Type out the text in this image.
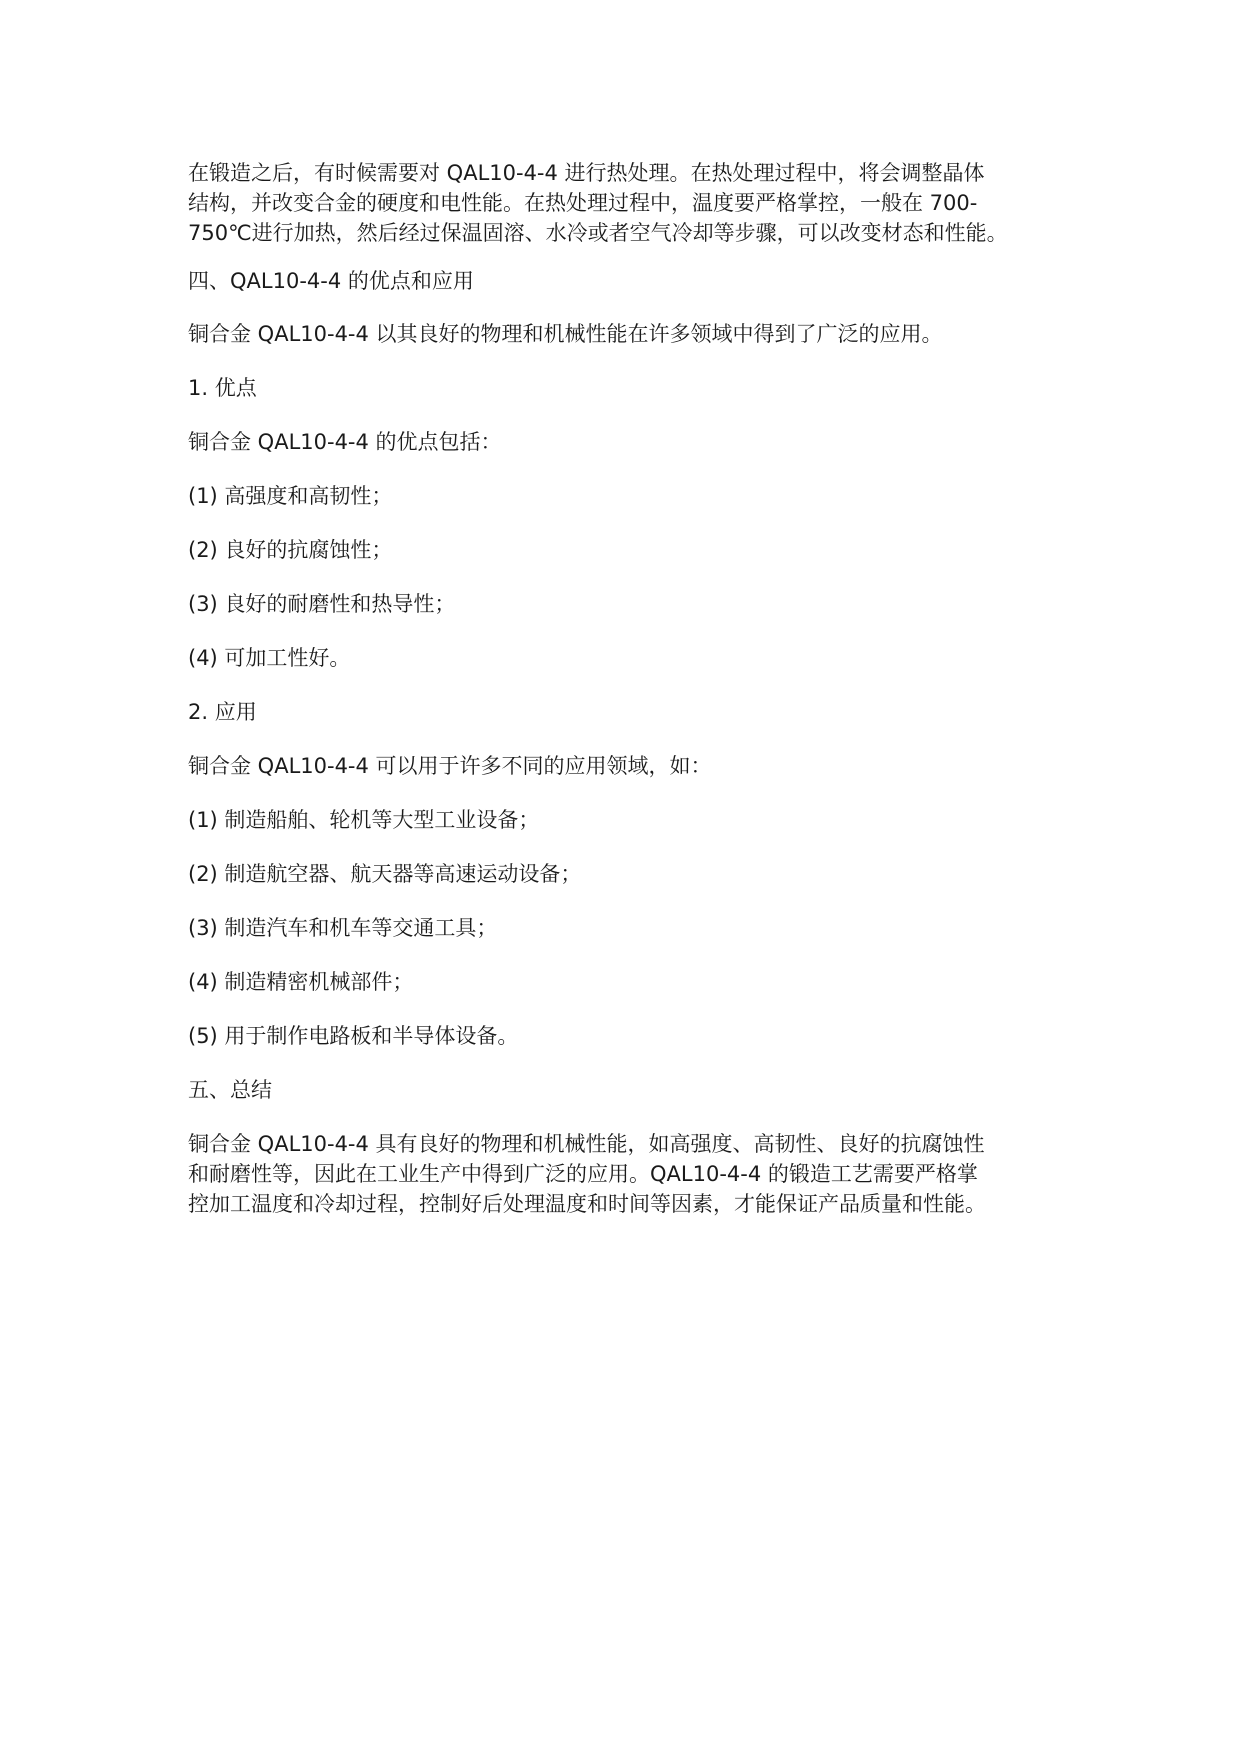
在锻造之后，有时候需要对 QAL10-4-4 进行热处理。在热处理过程中，将会调整晶体
结构，并改变合金的硬度和电性能。在热处理过程中，温度要严格掌控，一般在 700-
750℃进行加热，然后经过保温固溶、水冷或者空气冷却等步骤，可以改变材态和性能。
四、QAL10-4-4 的优点和应用

铜合金 QAL10-4-4 以其良好的物理和机械性能在许多领域中得到了广泛的应用。

1. 优点

铜合金 QAL10-4-4 的优点包括：

(1) 高强度和高韧性；

(2) 良好的抗腐蚀性；

(3) 良好的耐磨性和热导性；

(4) 可加工性好。

2. 应用

铜合金 QAL10-4-4 可以用于许多不同的应用领域，如：

(1) 制造船舶、轮机等大型工业设备；

(2) 制造航空器、航天器等高速运动设备；

(3) 制造汽车和机车等交通工具；

(4) 制造精密机械部件；

(5) 用于制作电路板和半导体设备。

五、总结
铜合金 QAL10-4-4 具有良好的物理和机械性能，如高强度、高韧性、良好的抗腐蚀性
和耐磨性等，因此在工业生产中得到广泛的应用。QAL10-4-4 的锻造工艺需要严格掌
控加工温度和冷却过程，控制好后处理温度和时间等因素，才能保证产品质量和性能。
